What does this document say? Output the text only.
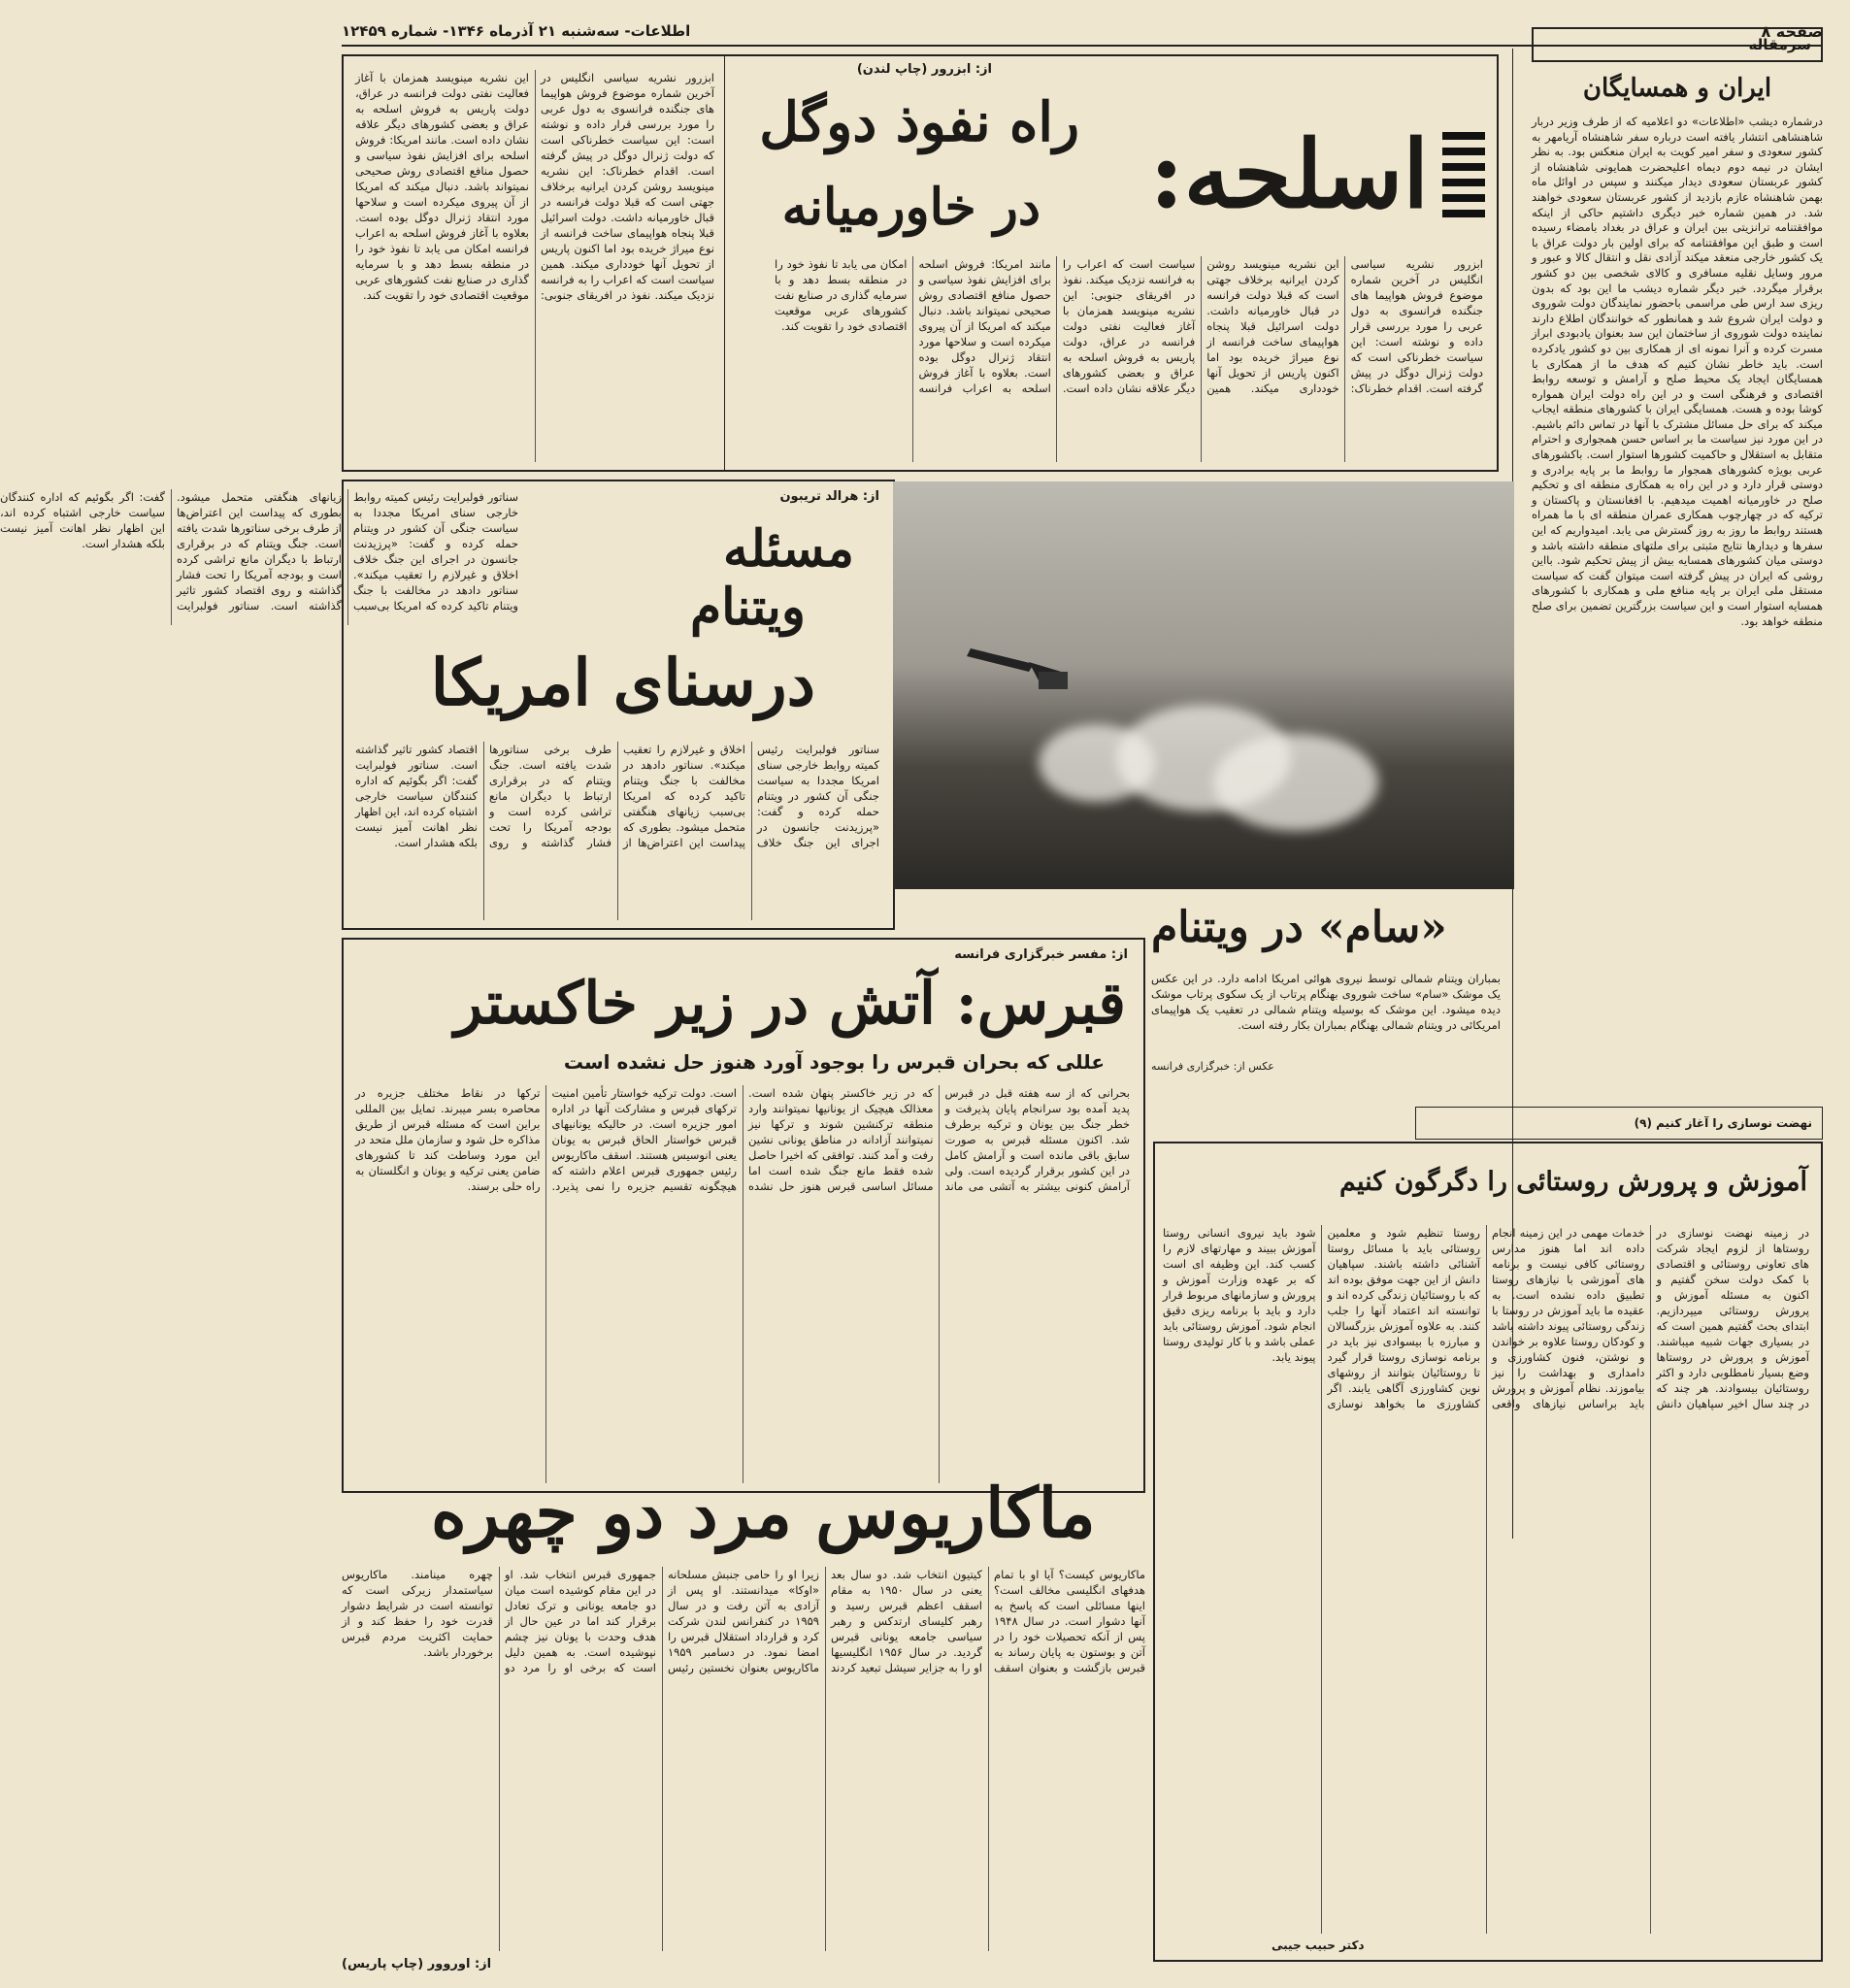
صفحه ۸
اطلاعات- سه‌شنبه ۲۱ آذرماه ۱۳۴۶- شماره ۱۲۴۵۹
سرمقاله
ایران و همسایگان
درشماره دیشب «اطلاعات» دو اعلامیه که از طرف وزیر دربار شاهنشاهی انتشار یافته است درباره سفر شاهنشاه آریامهر به کشور سعودی و سفر امیر کویت به ایران منعکس بود. به‌ نظر ایشان در نیمه دوم دیماه اعلیحضرت همایونی شاهنشاه از کشور عربستان سعودی دیدار میکنند و سپس در اوائل ماه بهمن شاهنشاه عازم بازدید از کشور عربستان سعودی خواهند شد. در همین شماره خبر دیگری داشتیم حاکی از اینکه موافقتنامه ترانزیتی بین ایران و عراق در بغداد بامضاء رسیده است و طبق این موافقتنامه که برای اولین بار دولت عراق با یک کشور خارجی منعقد میکند آزادی نقل و انتقال کالا و عبور و مرور وسایل نقلیه مسافری و کالای شخصی بین دو کشور برقرار میگردد. خبر دیگر شماره دیشب ما این بود که بدون ریزی سد ارس طی مراسمی باحضور نمایندگان دولت شوروی و دولت ایران شروع شد و همانطور که خوانندگان اطلاع دارند نماینده دولت شوروی از ساختمان این سد بعنوان یادبودی ابراز مسرت کرده و آنرا نمونه ای از همکاری بین دو کشور یادکرده است. باید خاطر نشان کنیم که هدف ما از همکاری با همسایگان ایجاد یک محیط صلح و آرامش و توسعه روابط اقتصادی و فرهنگی است و در این راه دولت ایران همواره کوشا بوده و هست. همسایگی ایران با کشورهای منطقه ایجاب میکند که برای حل مسائل مشترک با آنها در تماس دائم باشیم. در این مورد نیز سیاست ما بر اساس حسن همجواری و احترام متقابل به استقلال و حاکمیت کشورها استوار است. باکشورهای عربی بویژه کشورهای همجوار ما روابط ما بر پایه برادری و دوستی قرار دارد و در این راه به همکاری منطقه ای و تحکیم صلح در خاورمیانه اهمیت میدهیم. با افغانستان و پاکستان و ترکیه که در چهارچوب همکاری عمران منطقه ای با ما همراه هستند روابط ما روز به روز گسترش می یابد. امیدواریم که این سفرها و دیدارها نتایج مثبتی برای ملتهای منطقه داشته باشد و دوستی میان کشورهای همسایه بیش از پیش تحکیم شود. بااین روشی که ایران در پیش گرفته است میتوان گفت که سیاست مستقل ملی ایران بر پایه منافع ملی و همکاری با کشورهای همسایه استوار است و این سیاست بزرگترین تضمین برای صلح منطقه خواهد بود.
از: ابزرور (چاپ لندن)
اسلحه:
راه نفوذ دوگل
در خاورمیانه
ابزرور نشریه سیاسی انگلیس در آخرین شماره موضوع فروش هواپیما های جنگنده فرانسوی به دول عربی را مورد بررسی قرار داده و نوشته است: این سیاست خطرناکی است که دولت ژنرال دوگل در پیش گرفته است. اقدام خطرناک: این نشریه مینویسد روشن کردن ایرانیه برخلاف جهتی است که قبلا دولت فرانسه در قبال خاورمیانه داشت. دولت اسرائیل قبلا پنجاه هواپیمای ساخت فرانسه از نوع میراژ خریده بود اما اکنون پاریس از تحویل آنها خودداری میکند. همین سیاست است که اعراب را به فرانسه نزدیک میکند. نفوذ در افریقای جنوبی: این نشریه مینویسد همزمان با آغاز فعالیت نفتی دولت فرانسه در عراق، دولت پاریس به فروش اسلحه به عراق و بعضی کشورهای دیگر علاقه نشان داده است. مانند امریکا: فروش اسلحه برای افزایش نفوذ سیاسی و حصول منافع اقتصادی روش صحیحی نمیتواند باشد. دنبال میکند که امریکا از آن پیروی میکرده است و سلاحها مورد انتقاد ژنرال دوگل بوده است. بعلاوه با آغاز فروش اسلحه به اعراب فرانسه امکان می یابد تا نفوذ خود را در منطقه بسط دهد و با سرمایه گذاری در صنایع نفت کشورهای عربی موقعیت اقتصادی خود را تقویت کند.
ابزرور نشریه سیاسی انگلیس در آخرین شماره موضوع فروش هواپیما های جنگنده فرانسوی به دول عربی را مورد بررسی قرار داده و نوشته است: این سیاست خطرناکی است که دولت ژنرال دوگل در پیش گرفته است. اقدام خطرناک: این نشریه مینویسد روشن کردن ایرانیه برخلاف جهتی است که قبلا دولت فرانسه در قبال خاورمیانه داشت. دولت اسرائیل قبلا پنجاه هواپیمای ساخت فرانسه از نوع میراژ خریده بود اما اکنون پاریس از تحویل آنها خودداری میکند. همین سیاست است که اعراب را به فرانسه نزدیک میکند. نفوذ در افریقای جنوبی: این نشریه مینویسد همزمان با آغاز فعالیت نفتی دولت فرانسه در عراق، دولت پاریس به فروش اسلحه به عراق و بعضی کشورهای دیگر علاقه نشان داده است. مانند امریکا: فروش اسلحه برای افزایش نفوذ سیاسی و حصول منافع اقتصادی روش صحیحی نمیتواند باشد. دنبال میکند که امریکا از آن پیروی میکرده است و سلاحها مورد انتقاد ژنرال دوگل بوده است. بعلاوه با آغاز فروش اسلحه به اعراب فرانسه امکان می یابد تا نفوذ خود را در منطقه بسط دهد و با سرمایه گذاری در صنایع نفت کشورهای عربی موقعیت اقتصادی خود را تقویت کند.
از: هرالد تریبون
مسئله
ویتنام
درسنای امریکا
سناتور فولبرایت رئیس کمیته روابط خارجی سنای امریکا مجددا به سیاست جنگی آن کشور در ویتنام حمله کرده و گفت: «پرزیدنت جانسون در اجرای این جنگ خلاف اخلاق و غیرلازم را تعقیب میکند». سناتور دادهد در مخالفت با جنگ ویتنام تاکید کرده که امریکا بی‌سبب زیانهای هنگفتی متحمل میشود. بطوری که پیداست این اعتراض‌ها از طرف برخی سناتورها شدت یافته است. جنگ ویتنام که در برقراری ارتباط با دیگران مانع تراشی کرده است و بودجه آمریکا را تحت فشار گذاشته و روی اقتصاد کشور تاثیر گذاشته است. سناتور فولبرایت گفت: اگر بگوئیم که اداره کنندگان سیاست خارجی اشتباه کرده اند، این اظهار نظر اهانت آمیز نیست بلکه هشدار است.
سناتور فولبرایت رئیس کمیته روابط خارجی سنای امریکا مجددا به سیاست جنگی آن کشور در ویتنام حمله کرده و گفت: «پرزیدنت جانسون در اجرای این جنگ خلاف اخلاق و غیرلازم را تعقیب میکند». سناتور دادهد در مخالفت با جنگ ویتنام تاکید کرده که امریکا بی‌سبب زیانهای هنگفتی متحمل میشود. بطوری که پیداست این اعتراض‌ها از طرف برخی سناتورها شدت یافته است. جنگ ویتنام که در برقراری ارتباط با دیگران مانع تراشی کرده است و بودجه آمریکا را تحت فشار گذاشته و روی اقتصاد کشور تاثیر گذاشته است. سناتور فولبرایت گفت: اگر بگوئیم که اداره کنندگان سیاست خارجی اشتباه کرده اند، این اظهار نظر اهانت آمیز نیست بلکه هشدار است.
«سام» در ویتنام
بمباران ویتنام شمالی توسط نیروی هوائی امریکا ادامه دارد. در این عکس یک موشک «سام» ساخت شوروی بهنگام پرتاب از یک سکوی پرتاب موشک دیده میشود. این موشک که بوسیله ویتنام شمالی در تعقیب یک هواپیمای امریکائی در ویتنام شمالی بهنگام بمباران بکار رفته است.
عکس از: خبرگزاری فرانسه
از: مفسر خبرگزاری فرانسه
قبرس: آتش در زیر خاکستر
عللی که بحران قبرس را بوجود آورد هنوز حل نشده است
بحرانی که از سه هفته قبل در قبرس پدید آمده بود سرانجام پایان پذیرفت و خطر جنگ بین یونان و ترکیه برطرف شد. اکنون مسئله قبرس به صورت سابق باقی مانده است و آرامش کامل در این کشور برقرار گردیده است. ولی آرامش کنونی بیشتر به آتشی می ماند که در زیر خاکستر پنهان شده است. معذالک هیچیک از یونانیها نمیتوانند وارد منطقه ترکنشین شوند و ترکها نیز نمیتوانند آزادانه در مناطق یونانی نشین رفت و آمد کنند. توافقی که اخیرا حاصل شده فقط مانع جنگ شده است اما مسائل اساسی قبرس هنوز حل نشده است. دولت ترکیه خواستار تأمین امنیت ترکهای قبرس و مشارکت آنها در اداره امور جزیره است. در حالیکه یونانیهای قبرس خواستار الحاق قبرس به یونان یعنی انوسیس هستند. اسقف ماکاریوس رئیس جمهوری قبرس اعلام داشته که هیچگونه تقسیم جزیره را نمی پذیرد. ترکها در نقاط مختلف جزیره در محاصره بسر میبرند. تمایل بین المللی براین است که مسئله قبرس از طریق مذاکره حل شود و سازمان ملل متحد در این مورد وساطت کند تا کشورهای ضامن یعنی ترکیه و یونان و انگلستان به راه حلی برسند.
نهضت نوسازی را آغاز کنیم (۹)
آموزش و پرورش روستائی را دگرگون کنیم
در زمینه نهضت نوسازی در روستاها از لزوم ایجاد شرکت های تعاونی روستائی و اقتصادی با کمک دولت سخن گفتیم و اکنون به مسئله آموزش و پرورش روستائی میپردازیم. ابتدای بحث گفتیم همین است که در بسیاری جهات شبیه میباشند. آموزش و پرورش در روستاها وضع بسیار نامطلوبی دارد و اکثر روستائیان بیسوادند. هر چند که در چند سال اخیر سپاهیان دانش خدمات مهمی در این زمینه انجام داده اند اما هنوز مدارس روستائی کافی نیست و برنامه های آموزشی با نیازهای روستا تطبیق داده نشده است. به عقیده ما باید آموزش در روستا با زندگی روستائی پیوند داشته باشد و کودکان روستا علاوه بر خواندن و نوشتن، فنون کشاورزی و دامداری و بهداشت را نیز بیاموزند. نظام آموزش و پرورش باید براساس نیازهای واقعی روستا تنظیم شود و معلمین روستائی باید با مسائل روستا آشنائی داشته باشند. سپاهیان دانش از این جهت موفق بوده اند که با روستائیان زندگی کرده اند و توانسته اند اعتماد آنها را جلب کنند. به علاوه آموزش بزرگسالان و مبارزه با بیسوادی نیز باید در برنامه نوسازی روستا قرار گیرد تا روستائیان بتوانند از روشهای نوین کشاورزی آگاهی یابند. اگر کشاورزی ما بخواهد نوسازی شود باید نیروی انسانی روستا آموزش ببیند و مهارتهای لازم را کسب کند. این وظیفه ای است که بر عهده وزارت آموزش و پرورش و سازمانهای مربوط قرار دارد و باید با برنامه ریزی دقیق انجام شود. آموزش روستائی باید عملی باشد و با کار تولیدی روستا پیوند یابد.
دکتر حبیب جیبی
ماکاریوس مرد دو چهره
ماکاریوس کیست؟ آیا او با تمام هدفهای انگلیسی مخالف است؟ اینها مسائلی است که پاسخ به آنها دشوار است. در سال ۱۹۴۸ پس از آنکه تحصیلات خود را در آتن و بوستون به پایان رساند به قبرس بازگشت و بعنوان اسقف کیتیون انتخاب شد. دو سال بعد یعنی در سال ۱۹۵۰ به مقام اسقف اعظم قبرس رسید و رهبر کلیسای ارتدکس و رهبر سیاسی جامعه یونانی قبرس گردید. در سال ۱۹۵۶ انگلیسیها او را به جزایر سیشل تبعید کردند زیرا او را حامی جنبش مسلحانه «اوکا» میدانستند. او پس از آزادی به آتن رفت و در سال ۱۹۵۹ در کنفرانس لندن شرکت کرد و قرارداد استقلال قبرس را امضا نمود. در دسامبر ۱۹۵۹ ماکاریوس بعنوان نخستین رئیس جمهوری قبرس انتخاب شد. او در این مقام کوشیده است میان دو جامعه یونانی و ترک تعادل برقرار کند اما در عین حال از هدف وحدت با یونان نیز چشم نپوشیده است. به همین دلیل است که برخی او را مرد دو چهره مینامند. ماکاریوس سیاستمدار زیرکی است که توانسته است در شرایط دشوار قدرت خود را حفظ کند و از حمایت اکثریت مردم قبرس برخوردار باشد.
از: اوروور (چاپ پاریس)
